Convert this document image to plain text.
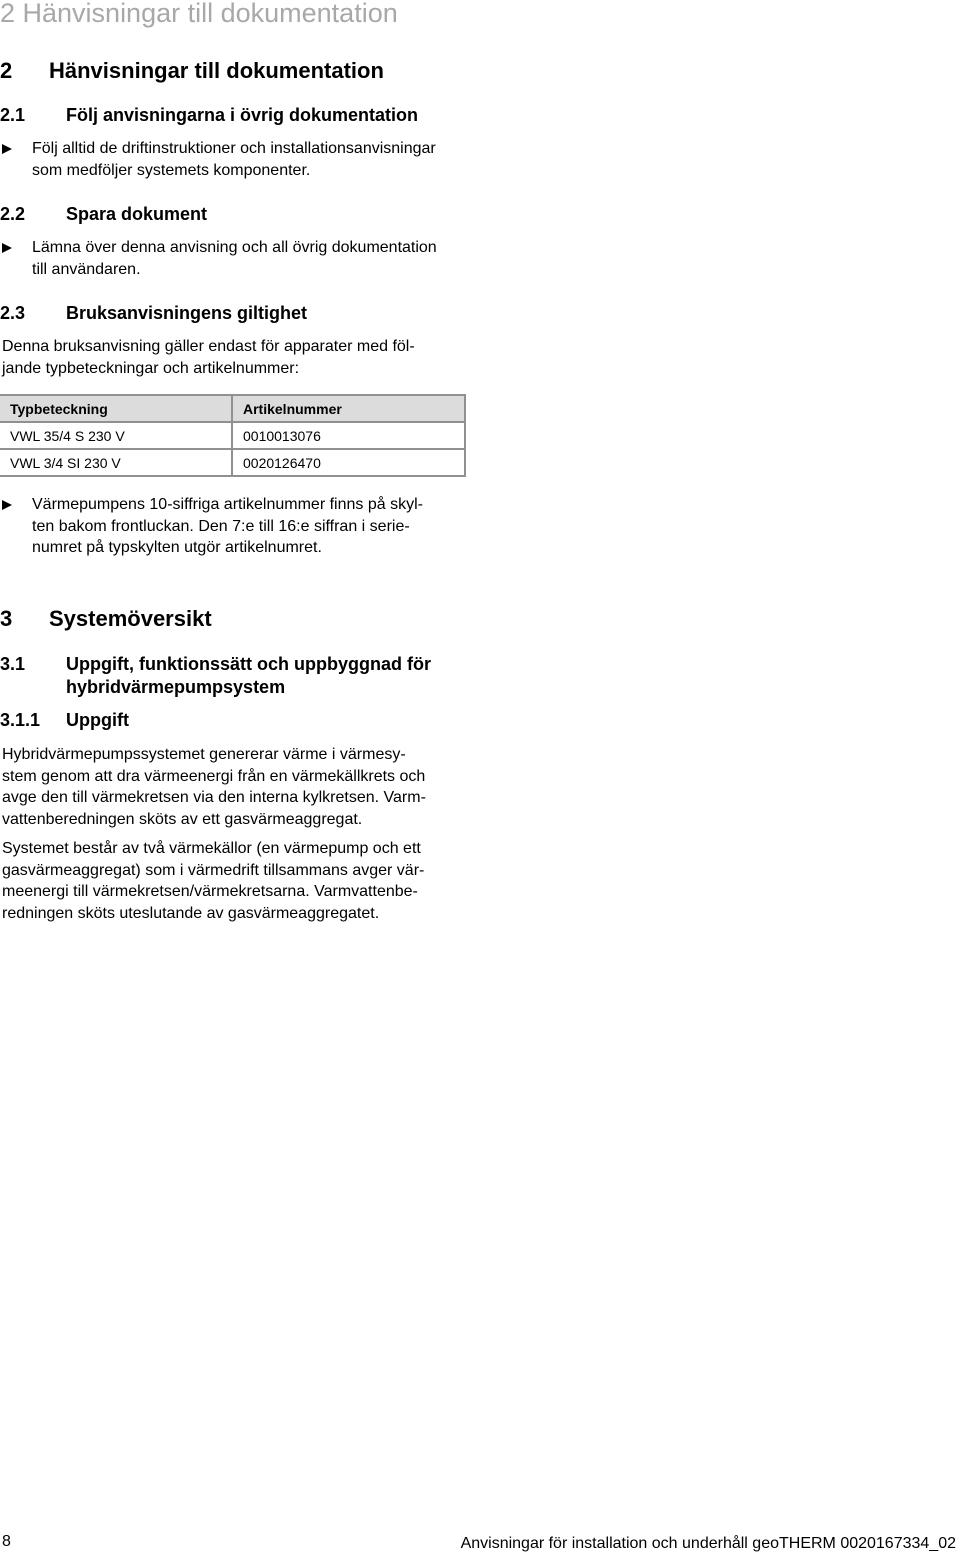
2 Hänvisningar till dokumentation
2 Hänvisningar till dokumentation
2.1 Följ anvisningarna i övrig dokumentation
Följ alltid de driftinstruktioner och installationsanvisningar
som medföljer systemets komponenter.
2.2 Spara dokument
Lämna över denna anvisning och all övrig dokumentation
till användaren.
2.3 Bruksanvisningens giltighet
Denna bruksanvisning gäller endast för apparater med föl-
jande typbeteckningar och artikelnummer:
Typbeteckning	Artikelnummer
VWL 35/4 S 230 V	0010013076
VWL 3/4 SI 230 V	0020126470
Värmepumpens 10-siffriga artikelnummer finns på skyl-
ten bakom frontluckan. Den 7:e till 16:e siffran i serie-
numret på typskylten utgör artikelnumret.
3 Systemöversikt
3.1 Uppgift, funktionssätt och uppbyggnad för
hybridvärmepumpsystem
3.1.1 Uppgift
Hybridvärmepumpssystemet genererar värme i värmesy-
stem genom att dra värmeenergi från en värmekällkrets och
avge den till värmekretsen via den interna kylkretsen. Varm-
vattenberedningen sköts av ett gasvärmeaggregat.
Systemet består av två värmekällor (en värmepump och ett
gasvärmeaggregat) som i värmedrift tillsammans avger vär-
meenergi till värmekretsen/värmekretsarna. Varmvattenbe-
redningen sköts uteslutande av gasvärmeaggregatet.
8	Anvisningar för installation och underhåll geoTHERM 0020167334_02
